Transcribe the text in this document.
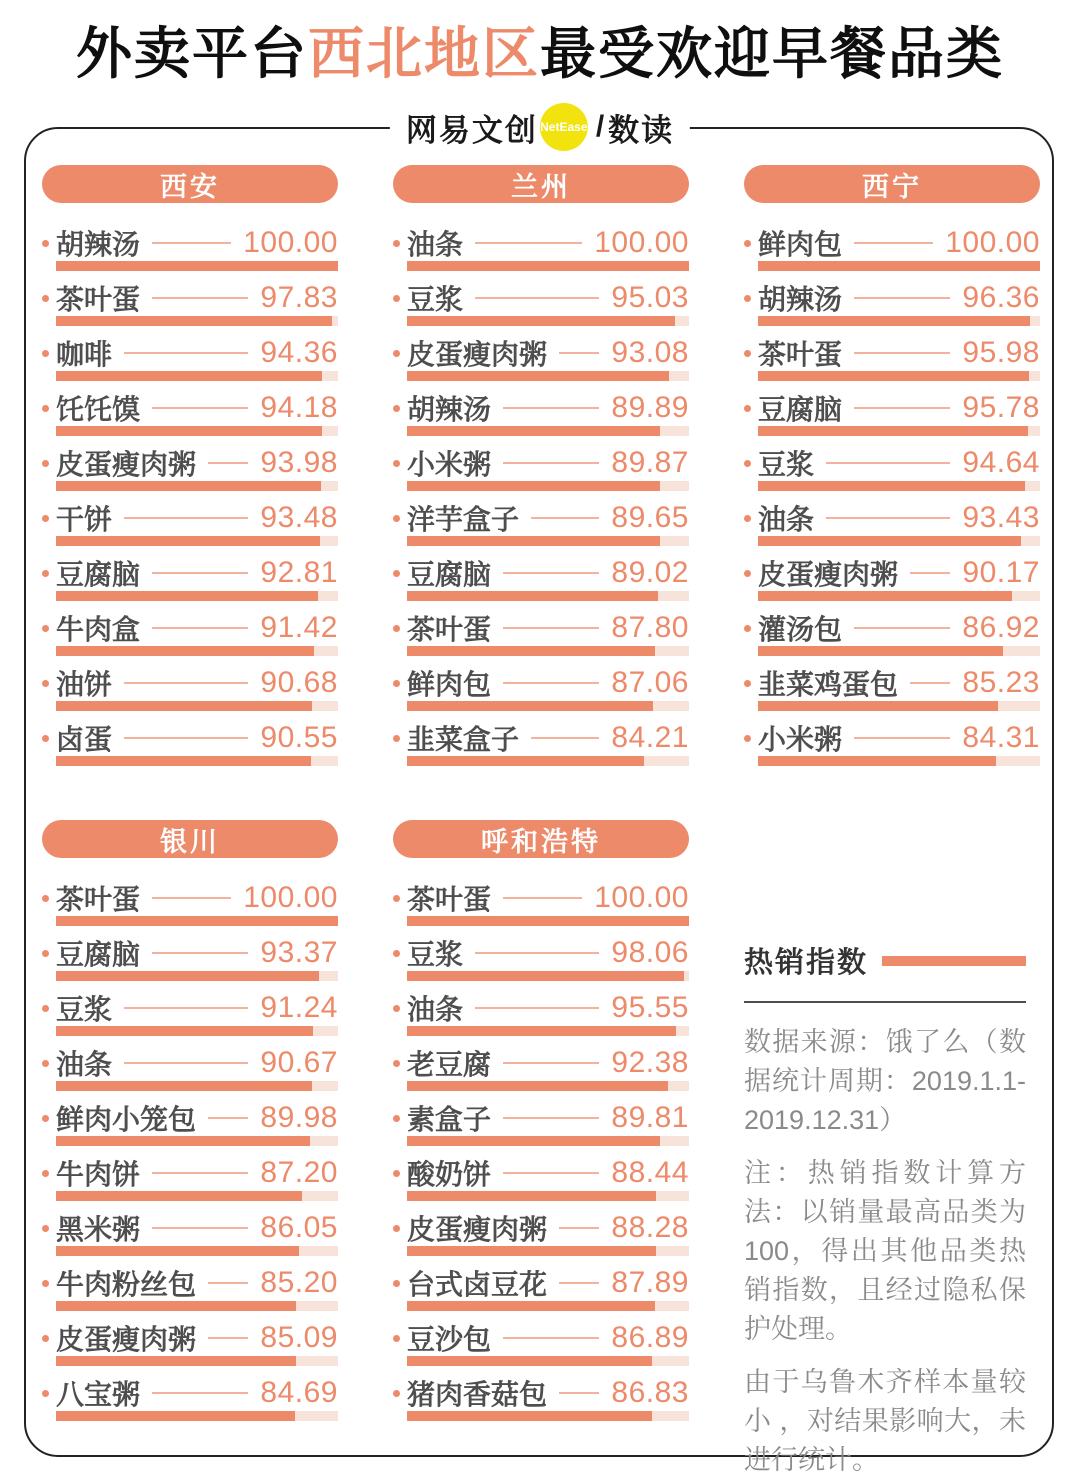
外卖平台西北地区最受欢迎早餐品类
网易文创 NetEase / 数读
西安
胡辣汤	100.00
茶叶蛋	97.83
咖啡	94.36
饦饦馍	94.18
皮蛋瘦肉粥 93.98
干饼	93.48
豆腐脑	92.81
牛肉盒	91.42
油饼	90.68
卤蛋	90.55
兰州
油条	100.00
豆浆	95.03
皮蛋瘦肉粥 93.08
胡辣汤	89.89
小米粥	89.87
洋芋盒子	89.65
豆腐脑	89.02
茶叶蛋	87.80
鲜肉包	87.06
韭菜盒子	84.21
西宁
鲜肉包	100.00
胡辣汤	96.36
茶叶蛋	95.98
豆腐脑	95.78
豆浆	94.64
油条	93.43
皮蛋瘦肉粥 90.17
灌汤包	86.92
韭菜鸡蛋包 85.23
小米粥	84.31
银川
茶叶蛋	100.00
豆腐脑	93.37
豆浆	91.24
油条	90.67
鲜肉小笼包 89.98
牛肉饼	87.20
黑米粥	86.05
牛肉粉丝包 85.20
皮蛋瘦肉粥 85.09
八宝粥	84.69
呼和浩特
茶叶蛋	100.00
豆浆	98.06
油条	95.55
老豆腐	92.38
素盒子	89.81
酸奶饼	88.44
皮蛋瘦肉粥 88.28
台式卤豆花 87.89
豆沙包	86.89
猪肉香菇包 86.83
热销指数

数据来源：饿了么（数据统计周期：2019.1.1-2019.12.31）

注：热销指数计算方法：以销量最高品类为100，得出其他品类热销指数，且经过隐私保护处理。

由于乌鲁木齐样本量较小 ，对结果影响大，未进行统计。
